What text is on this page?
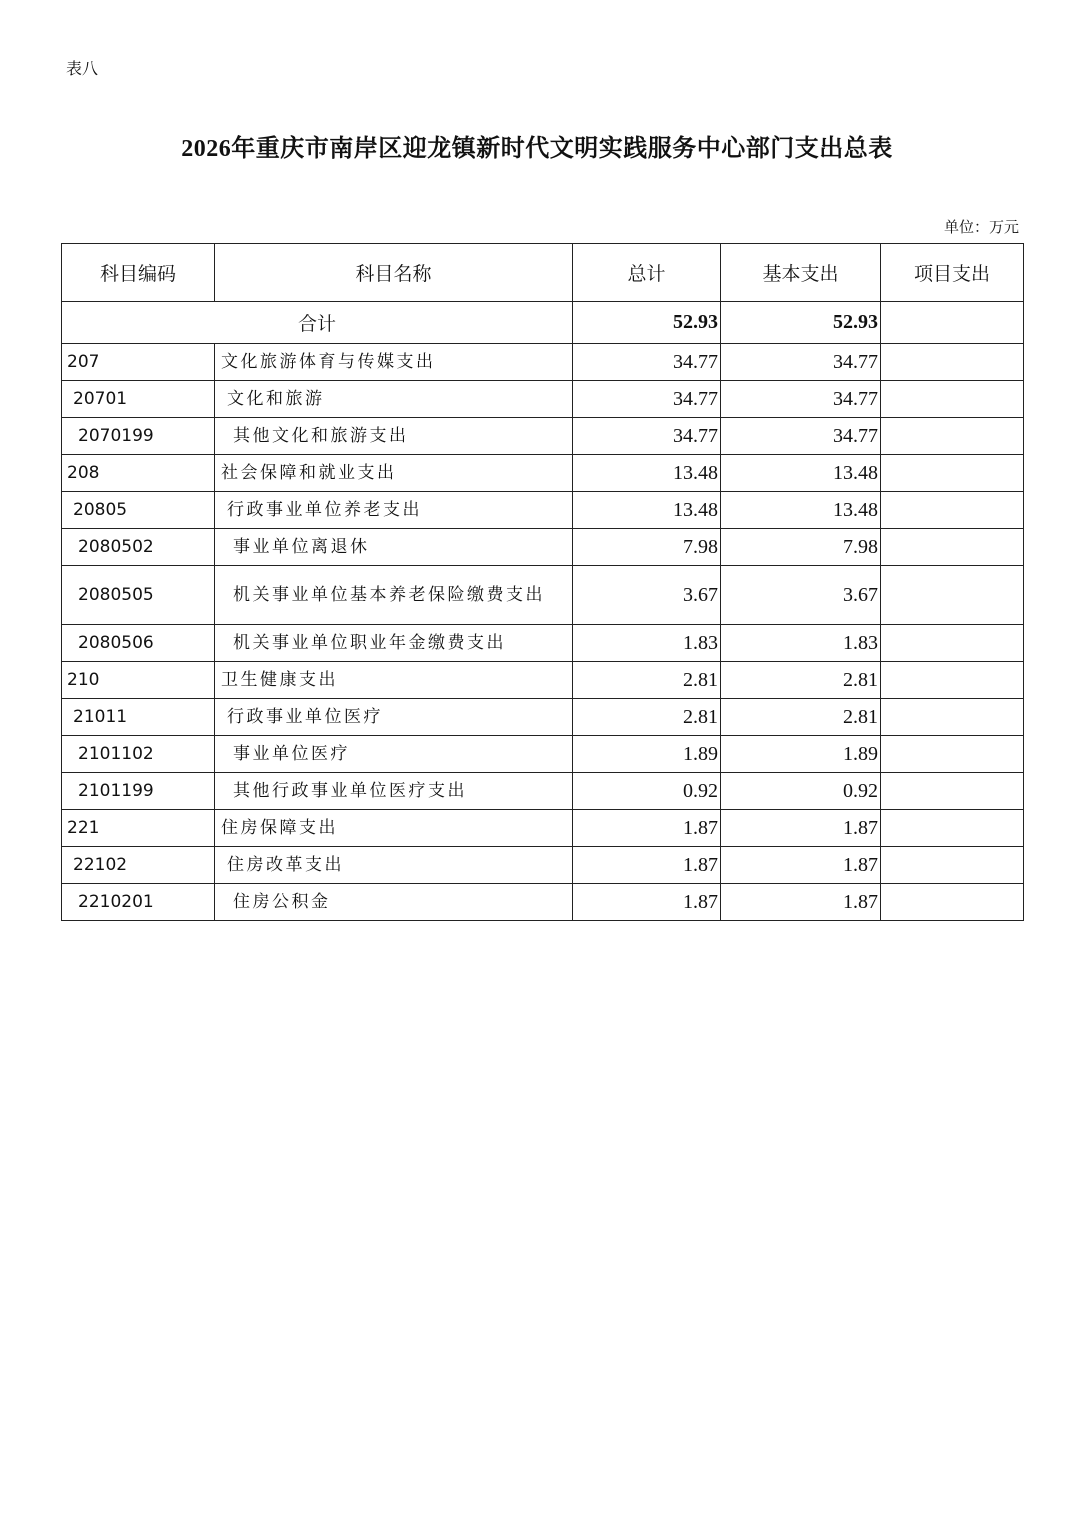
表八
2026年重庆市南岸区迎龙镇新时代文明实践服务中心部门支出总表
单位：万元
科目编码	科目名称	总计	基本支出	项目支出
合计		52.93	52.93	
207	文化旅游体育与传媒支出	34.77	34.77	
20701	文化和旅游	34.77	34.77	
2070199	其他文化和旅游支出	34.77	34.77	
208	社会保障和就业支出	13.48	13.48	
20805	行政事业单位养老支出	13.48	13.48	
2080502	事业单位离退休	7.98	7.98	
2080505	机关事业单位基本养老保险缴费支出	3.67	3.67	
2080506	机关事业单位职业年金缴费支出	1.83	1.83	
210	卫生健康支出	2.81	2.81	
21011	行政事业单位医疗	2.81	2.81	
2101102	事业单位医疗	1.89	1.89	
2101199	其他行政事业单位医疗支出	0.92	0.92	
221	住房保障支出	1.87	1.87	
22102	住房改革支出	1.87	1.87	
2210201	住房公积金	1.87	1.87	
